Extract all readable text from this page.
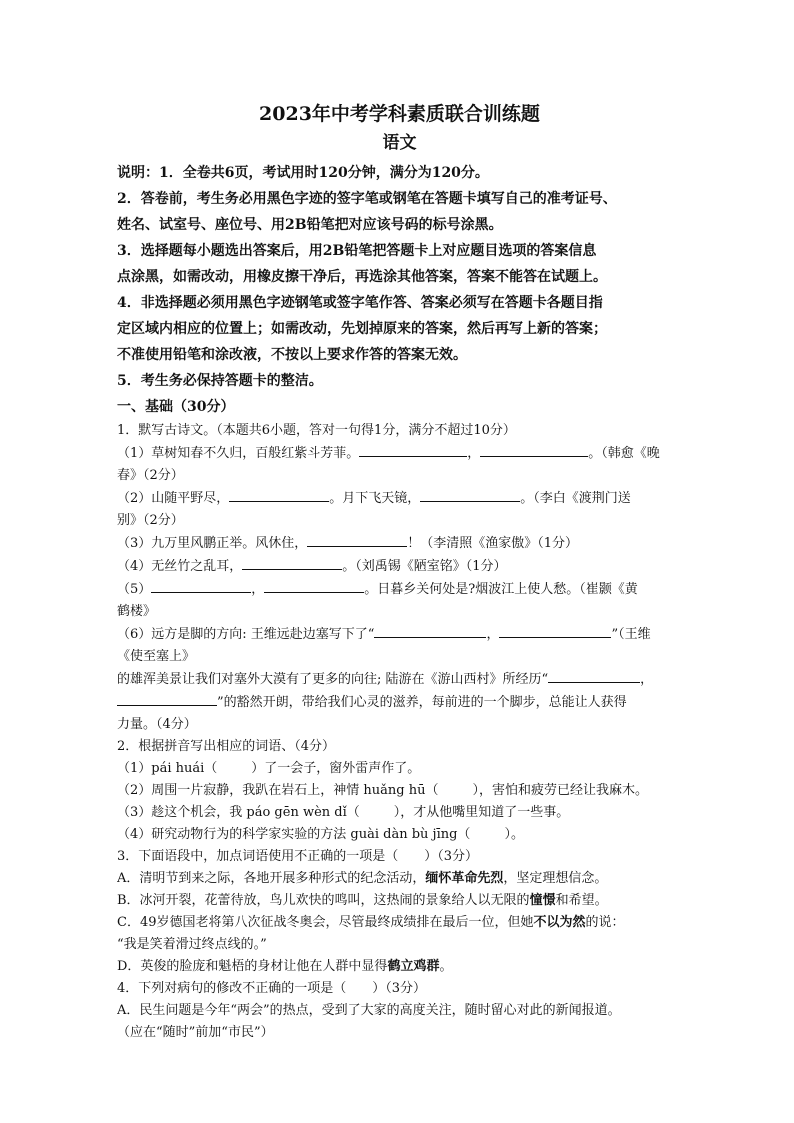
2023年中考学科素质联合训练题
语文
说明：1．全卷共6页，考试用时120分钟，满分为120分。
2．答卷前，考生务必用黑色字迹的签字笔或钢笔在答题卡填写自己的准考证号、
姓名、试室号、座位号、用2B铅笔把对应该号码的标号涂黑。
3．选择题每小题选出答案后，用2B铅笔把答题卡上对应题目选项的答案信息
点涂黑，如需改动，用橡皮擦干净后，再选涂其他答案，答案不能答在试题上。
4．非选择题必须用黑色字迹钢笔或签字笔作答、答案必须写在答题卡各题目指
定区域内相应的位置上；如需改动，先划掉原来的答案，然后再写上新的答案；
不准使用铅笔和涂改液，不按以上要求作答的答案无效。
5．考生务必保持答题卡的整洁。
一、基础（30分）
1．默写古诗文。（本题共6小题，答对一句得1分，满分不超过10分）
（1）草树知春不久归，百般红紫斗芳菲。	，	。（韩愈《晚
春》（2分）
（2）山随平野尽，	。月下飞天镜，	。（李白《渡荆门送
别》（2分）
（3）九万里风鹏正举。风休住，	！（李清照《渔家傲》（1分）
（4）无丝竹之乱耳，	。（刘禹锡《陋室铭》（1分）
（5）	，	。日暮乡关何处是?烟波江上使人愁。（崔颢《黄
鹤楼》
（6）远方是脚的方向: 王维远赴边塞写下了“	，	”（王维
《使至塞上》
的雄浑美景让我们对塞外大漠有了更多的向往; 陆游在《游山西村》所经历“	，
”的豁然开朗，带给我们心灵的滋养，每前进的一个脚步，总能让人获得
力量。（4分）
2．根据拼音写出相应的词语、（4分）
（1）pái huái（	）了一会子，窗外雷声作了。
（2）周围一片寂静，我趴在岩石上，神情 huǎng hū（	），害怕和疲劳已经让我麻木。
（3）趁这个机会，我 páo gēn wèn dǐ（	），才从他嘴里知道了一些事。
（4）研究动物行为的科学家实验的方法 guài dàn bù jīng（	）。
3．下面语段中，加点词语使用不正确的一项是（　　）（3分）
A．清明节到来之际，各地开展多种形式的纪念活动，缅怀革命先烈，坚定理想信念。
B．冰河开裂，花蕾待放，鸟儿欢快的鸣叫，这热闹的景象给人以无限的憧憬和希望。
C．49岁德国老将第八次征战冬奥会，尽管最终成绩排在最后一位，但她不以为然的说：
“我是笑着滑过终点线的。”
D．英俊的脸庞和魁梧的身材让他在人群中显得鹤立鸡群。
4．下列对病句的修改不正确的一项是（　　）（3分）
A．民生问题是今年“两会”的热点，受到了大家的高度关注，随时留心对此的新闻报道。
（应在“随时”前加“市民”）
